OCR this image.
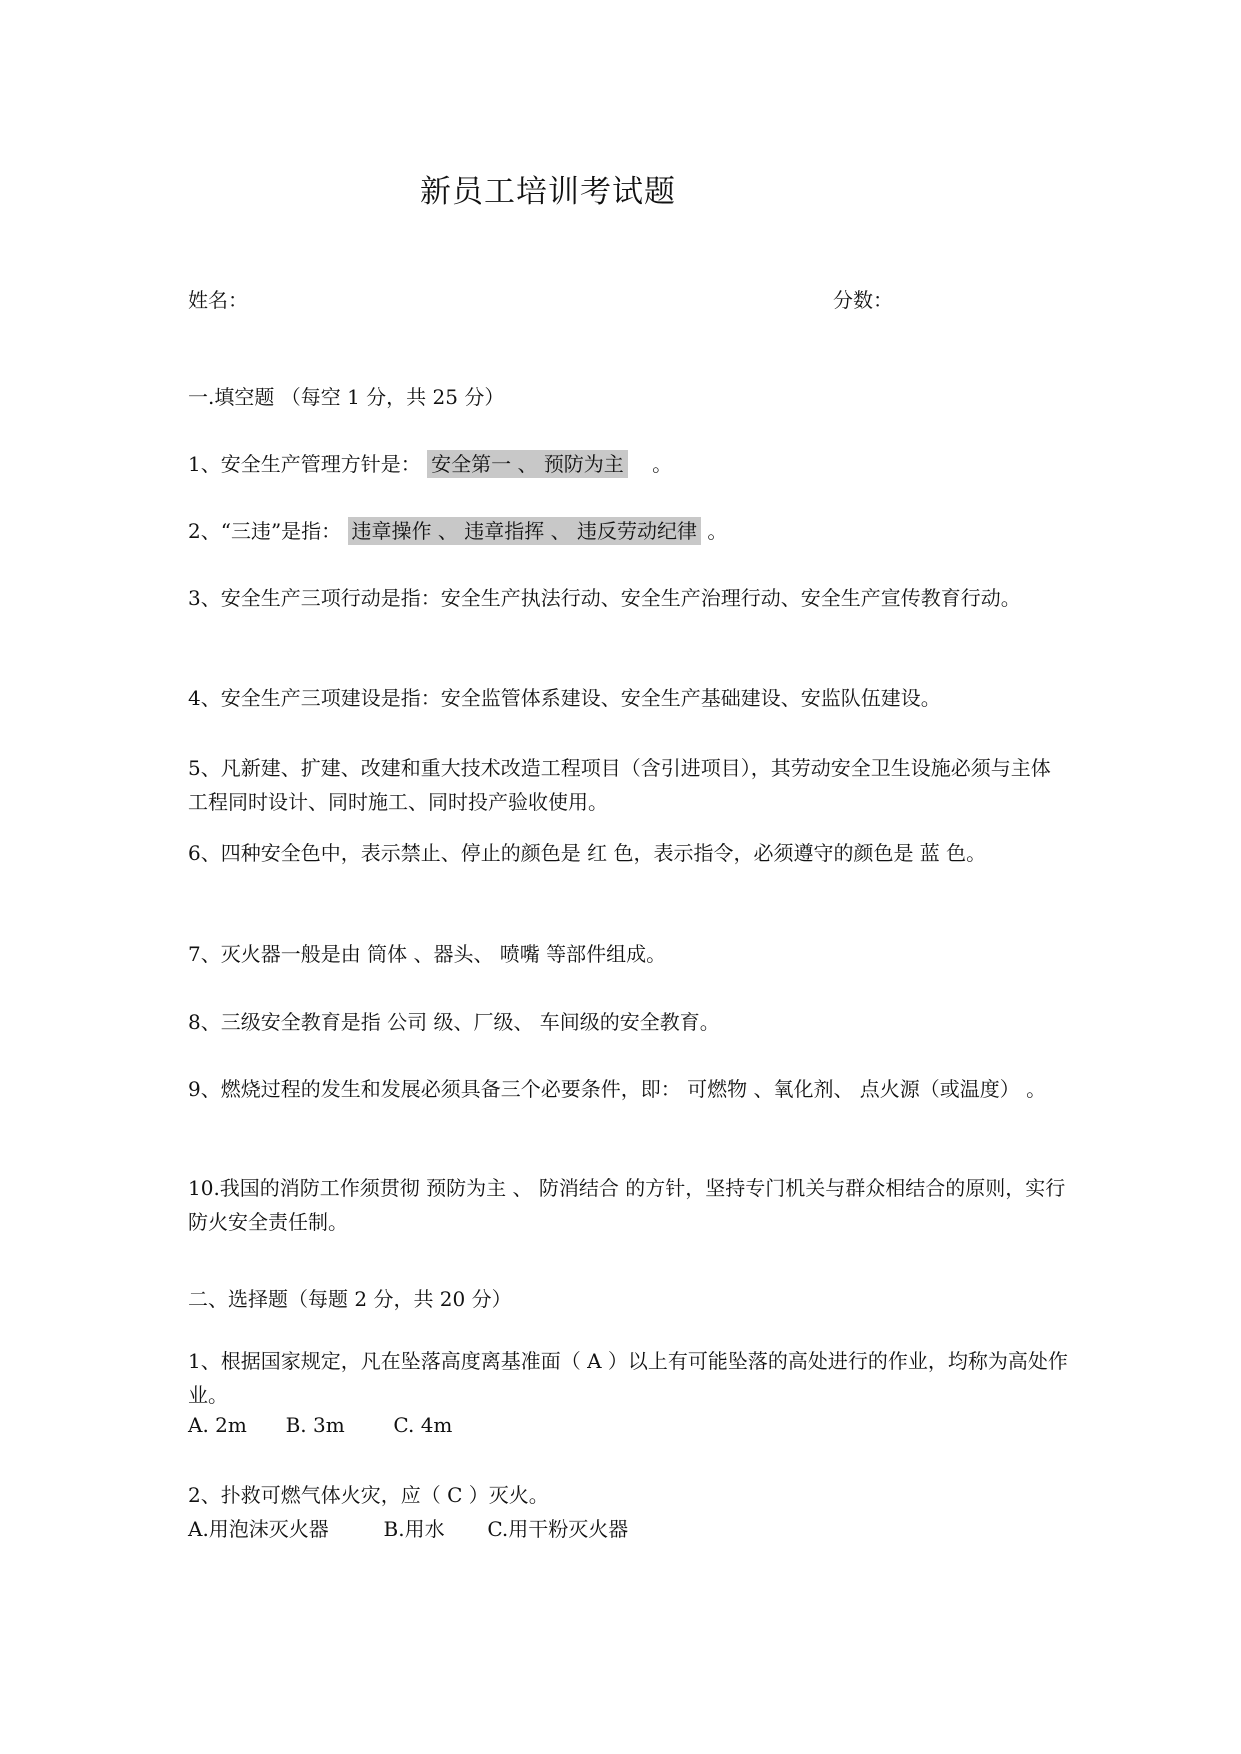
新员工培训考试题
姓名：	分数：
一.填空题 （每空 1 分，共 25 分）
1、安全生产管理方针是： 安全第一 、 预防为主 。
2、“三违”是指： 违章操作 、 违章指挥 、 违反劳动纪律 。
3、安全生产三项行动是指：安全生产执法行动、安全生产治理行动、安全生产宣传教育行动。
4、安全生产三项建设是指：安全监管体系建设、安全生产基础建设、安监队伍建设。
5、凡新建、扩建、改建和重大技术改造工程项目（含引进项目），其劳动安全卫生设施必须与主体工程同时设计、同时施工、同时投产验收使用。
6、四种安全色中，表示禁止、停止的颜色是 红 色，表示指令，必须遵守的颜色是 蓝 色。
7、灭火器一般是由 筒体 、器头、 喷嘴 等部件组成。
8、三级安全教育是指 公司 级、厂级、 车间级的安全教育。
9、燃烧过程的发生和发展必须具备三个必要条件，即： 可燃物 、氧化剂、 点火源（或温度） 。
10.我国的消防工作须贯彻 预防为主 、 防消结合 的方针，坚持专门机关与群众相结合的原则，实行防火安全责任制。
二、选择题（每题 2 分，共 20 分）
1、根据国家规定，凡在坠落高度离基准面（ A ）以上有可能坠落的高处进行的作业，均称为高处作业。
A. 2m B. 3m C. 4m
2、扑救可燃气体火灾，应（ C ）灭火。
A.用泡沫灭火器	B.用水 C.用干粉灭火器
